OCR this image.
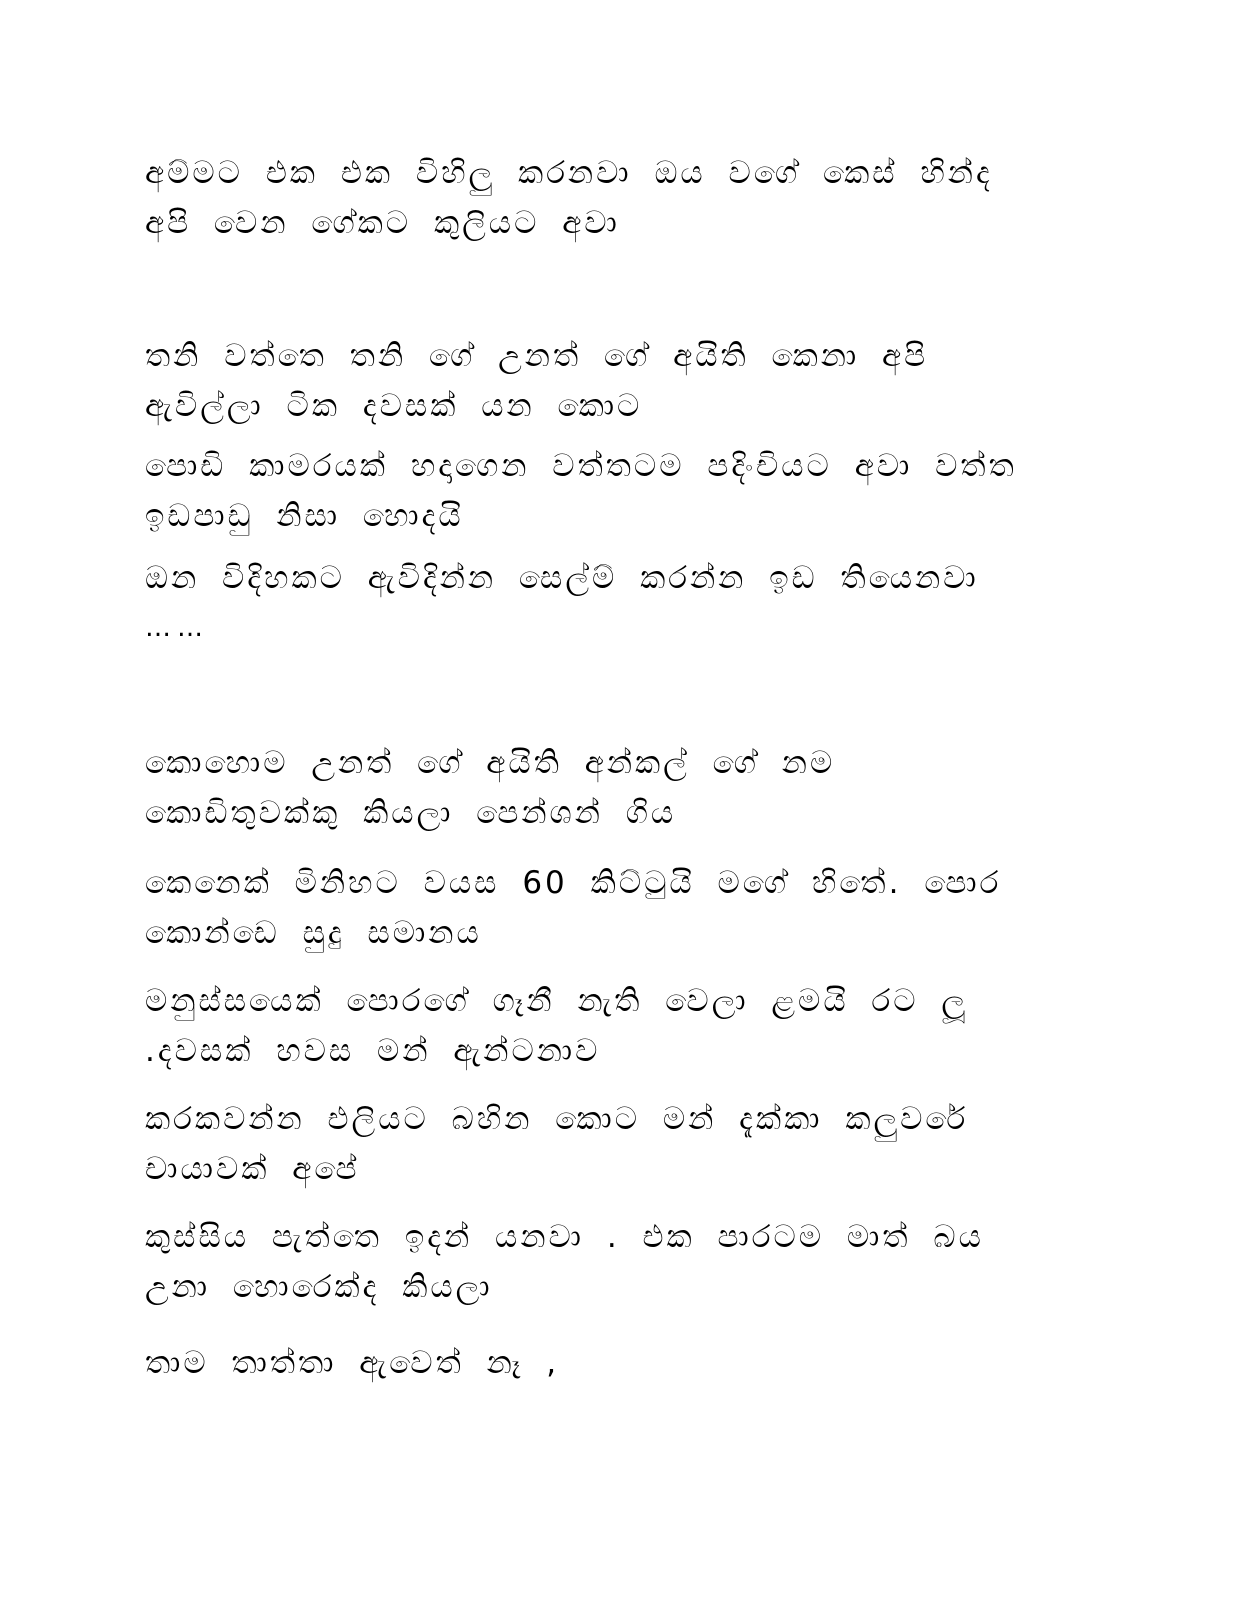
අම්මට එක එක විහිලු කරනවා ඔය වගේ කෙස් හින්ද
අපි වෙන ගේකට කුලියට අවා
තනි වත්තෙ තනි ගේ උනත් ගේ අයිති කෙනා අපි
ඇවිල්ලා ටික දවසක් යන කොට
පොඩි කාමරයක් හදාගෙන වත්තටම පදිංචියට අවා වත්ත
ඉඩපාඩු නිසා හොදයි
ඔන විදිහකට ඇවිදින්න සෙල්ම් කරන්න ඉඩ තියෙනවා
……
කොහොම උනත් ගේ අයිති අන්කල් ගේ නම
කොඩිතුවක්කු කියලා පෙන්ශන් ගිය
කෙනෙක් මිනිහට වයස 60 කිට්ටුයි මගේ හිතේ. පොර
කොන්ඩෙ සුදු සමානය
මනුස්සයෙක් පොරගේ ගෑනී නැති වෙලා ළමයි රට ලූ
.දවසක් හවස මන් ඇන්ටනාව
කරකවන්න එලියට බහින කොට මන් දැක්කා කලුවරේ
චායාවක් අපේ
කුස්සිය පැත්තෙ ඉදන් යනවා . එක පාරටම මාත් බය
උනා හොරෙක්ද කියලා
තාම තාත්තා ඇවෙත් නෑ ,
